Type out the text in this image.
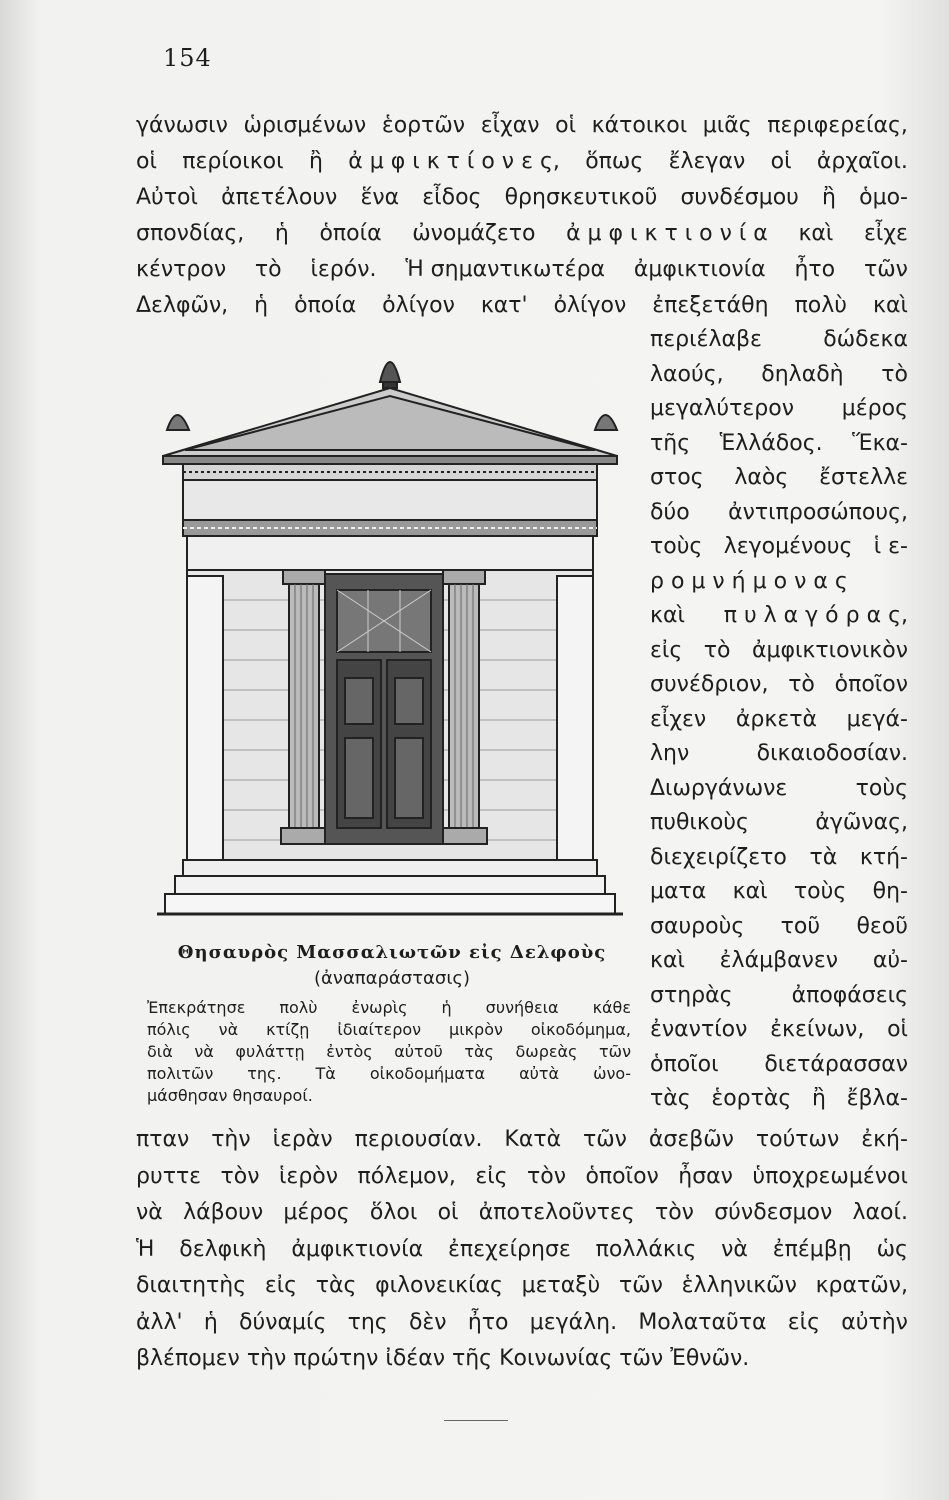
154
γάνωσιν ὡρισμένων ἑορτῶν εἶχαν οἱ κάτοικοι μιᾶς περιφερείας,
οἱ περίοικοι ἢ ἀ μ φ ι κ τ ί ο ν ε ς, ὅπως ἔλεγαν οἱ ἀρχαῖοι.
Αὐτοὶ ἀπετέλουν ἕνα εἶδος θρησκευτικοῦ συνδέσμου ἢ ὁμο-
σπονδίας, ἡ ὁποία ὠνομάζετο ἀ μ φ ι κ τ ι ο ν ί α καὶ εἶχε
κέντρον τὸ ἱερόν. Ἡ σημαντικωτέρα ἀμφικτιονία ἦτο τῶν
Δελφῶν, ἡ ὁποία ὀλίγον κατ' ὀλίγον ἐπεξετάθη πολὺ καὶ
περιέλαβε	δώδεκα
λαούς, δηλαδὴ τὸ
μεγαλύτερον μέρος
τῆς Ἑλλάδος. Ἕκα-
στος λαὸς ἔστελλε
δύο ἀντιπροσώπους,
τοὺς λεγομένους ἱ ε-
ρ ο μ ν ή μ ο ν α ς
καὶ π υ λ α γ ό ρ α ς,
εἰς τὸ ἀμφικτιονικὸν
συνέδριον, τὸ ὁποῖον
εἶχεν ἀρκετὰ μεγά-
λην	δικαιοδοσίαν.
Διωργάνωνε	τοὺς
πυθικοὺς	ἀγῶνας,
διεχειρίζετο τὰ κτή-
ματα καὶ τοὺς θη-
σαυροὺς τοῦ θεοῦ
καὶ ἐλάμβανεν αὐ-
στηρὰς	ἀποφάσεις
ἐναντίον ἐκείνων, οἱ
ὁποῖοι διετάρασσαν
τὰς ἑορτὰς ἢ ἔβλα-
Θησαυρὸς Μασσαλιωτῶν εἰς Δελφοὺς
(ἀναπαράστασις)
Ἐπεκράτησε πολὺ ἐνωρὶς ἡ συνήθεια κάθε
πόλις νὰ κτίζῃ ἰδιαίτερον μικρὸν οἰκοδόμημα,
διὰ νὰ φυλάττῃ ἐντὸς αὐτοῦ τὰς δωρεὰς τῶν
πολιτῶν της. Τὰ οἰκοδομήματα αὐτὰ ὠνο-
μάσθησαν θησαυροί.
πταν τὴν ἱερὰν περιουσίαν. Κατὰ τῶν ἀσεβῶν τούτων ἐκή-
ρυττε τὸν ἱερὸν πόλεμον, εἰς τὸν ὁποῖον ἦσαν ὑποχρεωμένοι
νὰ λάβουν μέρος ὅλοι οἱ ἀποτελοῦντες τὸν σύνδεσμον λαοί.
Ἡ δελφικὴ ἀμφικτιονία ἐπεχείρησε πολλάκις νὰ ἐπέμβῃ ὡς
διαιτητὴς εἰς τὰς φιλονεικίας μεταξὺ τῶν ἑλληνικῶν κρατῶν,
ἀλλ' ἡ δύναμίς της δὲν ἦτο μεγάλη. Μολαταῦτα εἰς αὐτὴν
βλέπομεν τὴν πρώτην ἰδέαν τῆς Κοινωνίας τῶν Ἐθνῶν.
